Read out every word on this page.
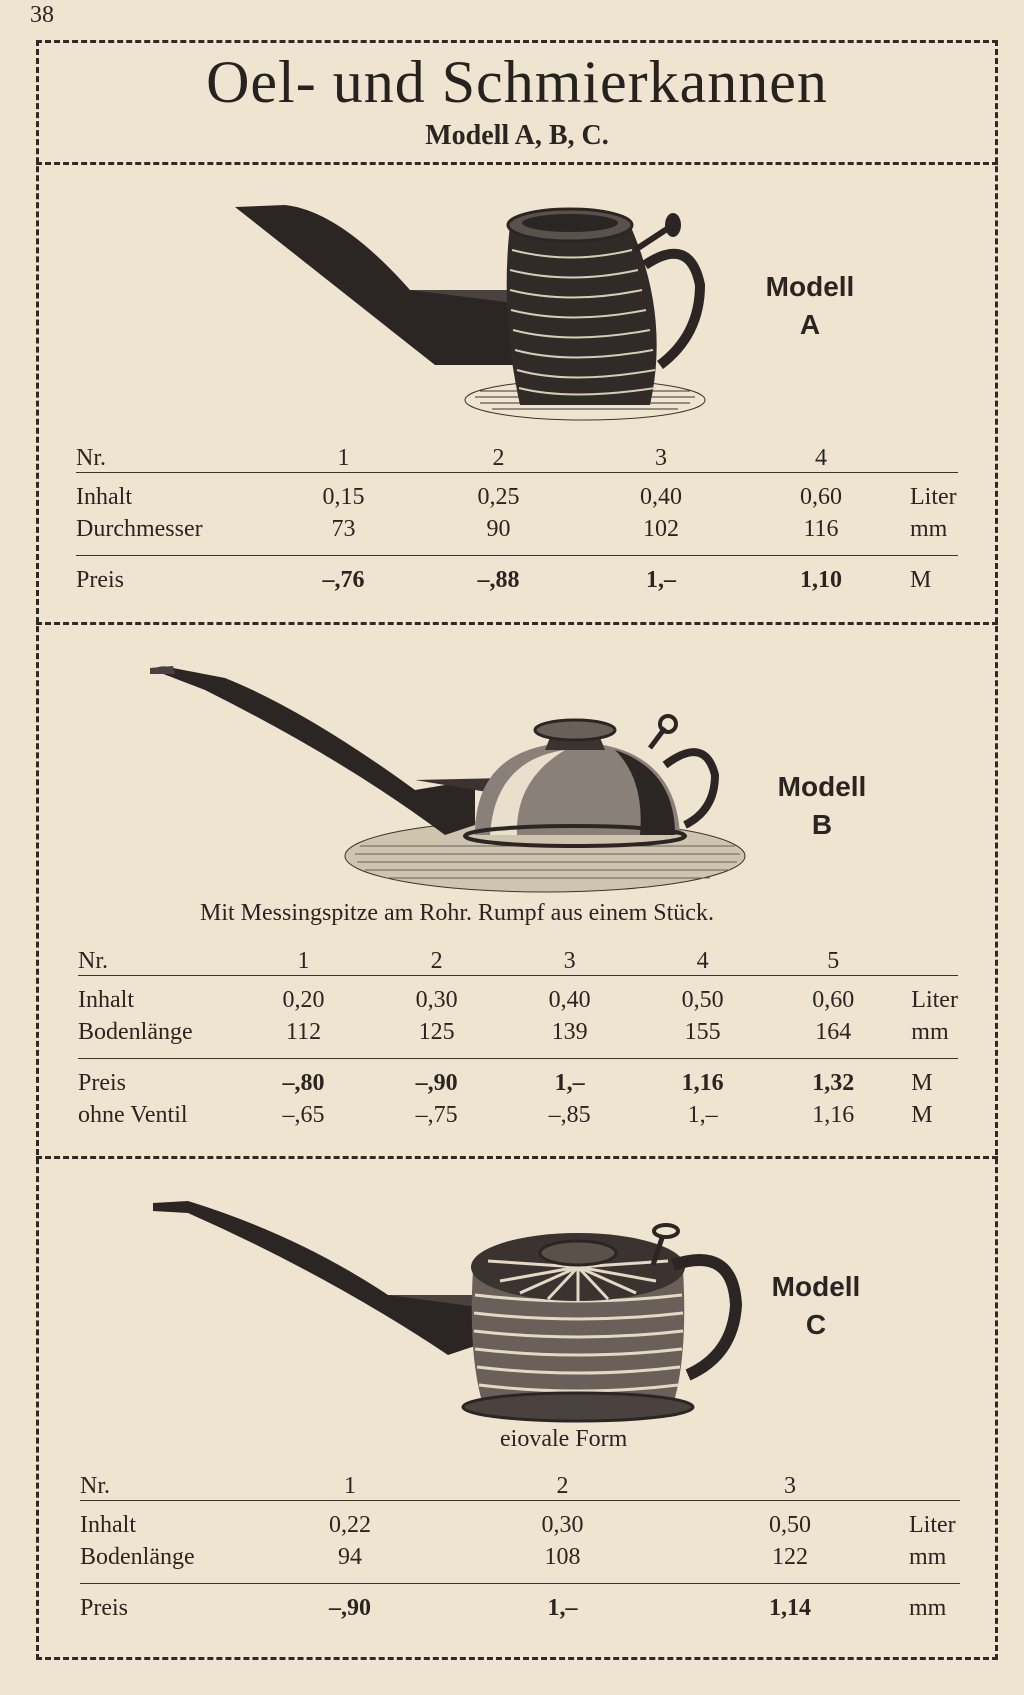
38
Oel- und Schmierkannen
Modell A, B, C.
Modell
A
Nr.	1	2	3	4	
Inhalt	0,15	0,25	0,40	0,60	Liter
Durchmesser	73	90	102	116	mm

Preis	–,76	–,88	1,–	1,10	M
Modell
B
Mit Messingspitze am Rohr. Rumpf aus einem Stück.
Nr.	1	2	3	4	5	
Inhalt	0,20	0,30	0,40	0,50	0,60	Liter
Bodenlänge	112	125	139	155	164	mm

Preis	–,80	–,90	1,–	1,16	1,32	M
ohne Ventil	–,65	–,75	–,85	1,–	1,16	M
Modell
C
eiovale Form
Nr.	1	2	3	
Inhalt	0,22	0,30	0,50	Liter
Bodenlänge	94	108	122	mm

Preis	–,90	1,–	1,14	mm
